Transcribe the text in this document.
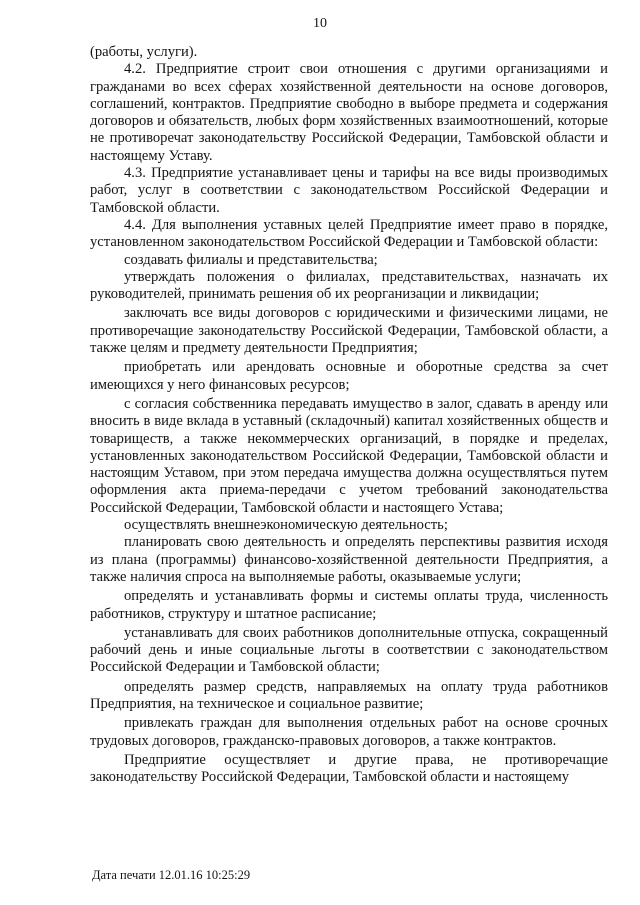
10

(работы, услуги).

4.2. Предприятие строит свои отношения с другими организациями и гражданами во всех сферах хозяйственной деятельности на основе договоров, соглашений, контрактов. Предприятие свободно в выборе предмета и содержания договоров и обязательств, любых форм хозяйственных взаимоотношений, которые не противоречат законодательству Российской Федерации, Тамбовской области и настоящему Уставу.

4.3. Предприятие устанавливает цены и тарифы на все виды производимых работ, услуг в соответствии с законодательством Российской Федерации и Тамбовской области.

4.4. Для выполнения уставных целей Предприятие имеет право в порядке, установленном законодательством Российской Федерации и Тамбовской области:

создавать филиалы и представительства;

утверждать положения о филиалах, представительствах, назначать их руководителей, принимать решения об их реорганизации и ликвидации;

заключать все виды договоров с юридическими и физическими лицами, не противоречащие законодательству Российской Федерации, Тамбовской области, а также целям и предмету деятельности Предприятия;

приобретать или арендовать основные и оборотные средства за счет имеющихся у него финансовых ресурсов;

с согласия собственника передавать имущество в залог, сдавать в аренду или вносить в виде вклада в уставный (складочный) капитал хозяйственных обществ и товариществ, а также некоммерческих организаций, в порядке и пределах, установленных законодательством Российской Федерации, Тамбовской области и настоящим Уставом, при этом передача имущества должна осуществляться путем оформления акта приема-передачи с учетом требований законодательства Российской Федерации, Тамбовской области и настоящего Устава;

осуществлять внешнеэкономическую деятельность;

планировать свою деятельность и определять перспективы развития исходя из плана (программы) финансово-хозяйственной деятельности Предприятия, а также наличия спроса на выполняемые работы, оказываемые услуги;

определять и устанавливать формы и системы оплаты труда, численность работников, структуру и штатное расписание;

устанавливать для своих работников дополнительные отпуска, сокращенный рабочий день и иные социальные льготы в соответствии с законодательством Российской Федерации и Тамбовской области;

определять размер средств, направляемых на оплату труда работников Предприятия, на техническое и социальное развитие;

привлекать граждан для выполнения отдельных работ на основе срочных трудовых договоров, гражданско-правовых договоров, а также контрактов.

Предприятие осуществляет и другие права, не противоречащие законодательству Российской Федерации, Тамбовской области и настоящему

Дата печати 12.01.16 10:25:29
